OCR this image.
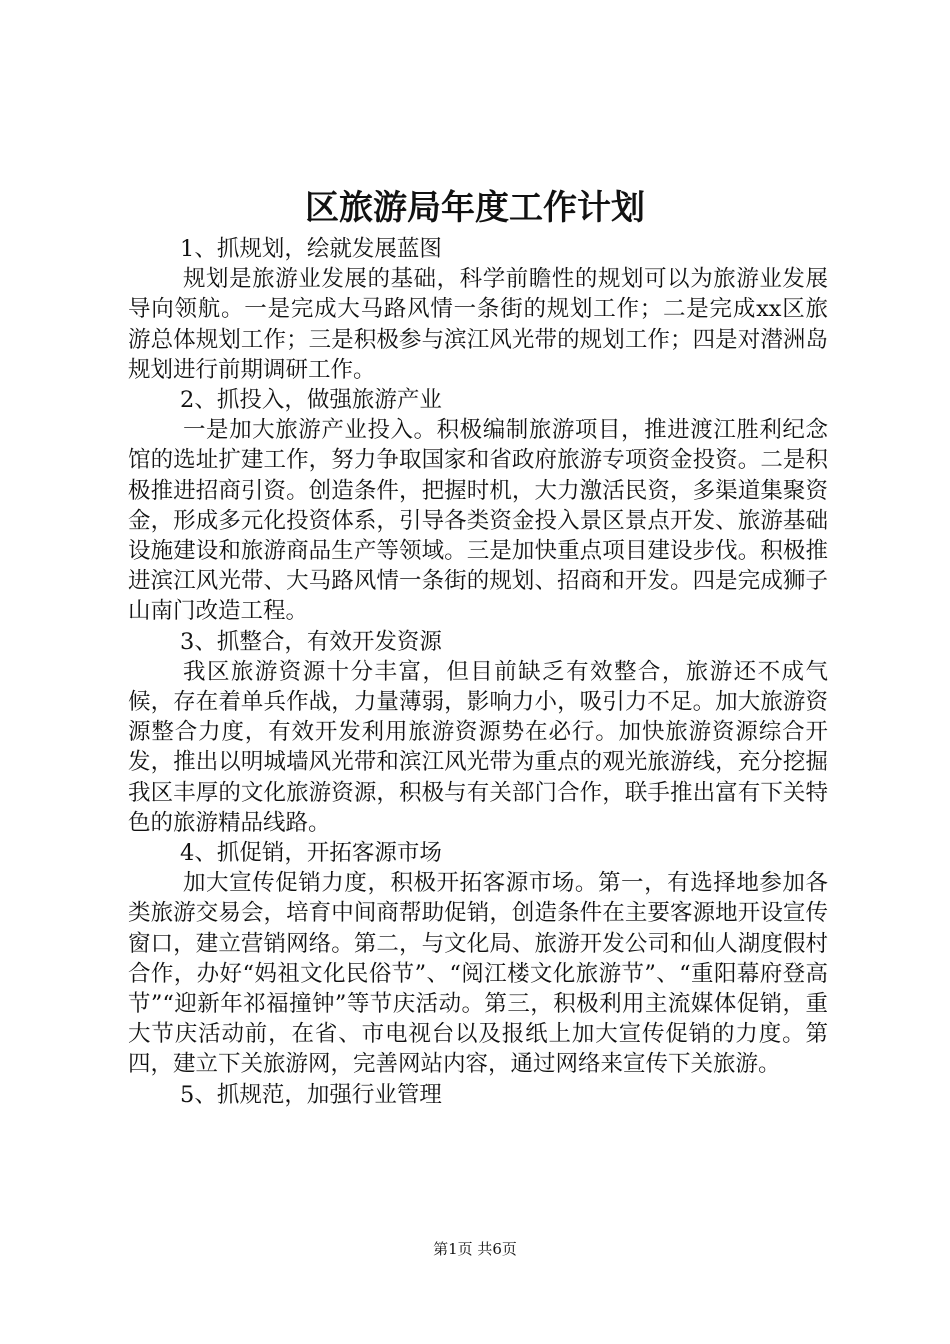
区旅游局年度工作计划

1、抓规划，绘就发展蓝图

规划是旅游业发展的基础，科学前瞻性的规划可以为旅游业发展导向领航。一是完成大马路风情一条街的规划工作；二是完成xx区旅游总体规划工作；三是积极参与滨江风光带的规划工作；四是对潜洲岛规划进行前期调研工作。

2、抓投入，做强旅游产业

一是加大旅游产业投入。积极编制旅游项目，推进渡江胜利纪念馆的选址扩建工作，努力争取国家和省政府旅游专项资金投资。二是积极推进招商引资。创造条件，把握时机，大力激活民资，多渠道集聚资金，形成多元化投资体系，引导各类资金投入景区景点开发、旅游基础设施建设和旅游商品生产等领域。三是加快重点项目建设步伐。积极推进滨江风光带、大马路风情一条街的规划、招商和开发。四是完成狮子山南门改造工程。

3、抓整合，有效开发资源

我区旅游资源十分丰富，但目前缺乏有效整合，旅游还不成气候，存在着单兵作战，力量薄弱，影响力小，吸引力不足。加大旅游资源整合力度，有效开发利用旅游资源势在必行。加快旅游资源综合开发，推出以明城墙风光带和滨江风光带为重点的观光旅游线，充分挖掘我区丰厚的文化旅游资源，积极与有关部门合作，联手推出富有下关特色的旅游精品线路。

4、抓促销，开拓客源市场

加大宣传促销力度，积极开拓客源市场。第一，有选择地参加各类旅游交易会，培育中间商帮助促销，创造条件在主要客源地开设宣传窗口，建立营销网络。第二，与文化局、旅游开发公司和仙人湖度假村合作，办好“妈祖文化民俗节”、“阅江楼文化旅游节”、“重阳幕府登高节”“迎新年祁福撞钟”等节庆活动。第三，积极利用主流媒体促销，重大节庆活动前，在省、市电视台以及报纸上加大宣传促销的力度。第四，建立下关旅游网，完善网站内容，通过网络来宣传下关旅游。

5、抓规范，加强行业管理

第1页 共6页
